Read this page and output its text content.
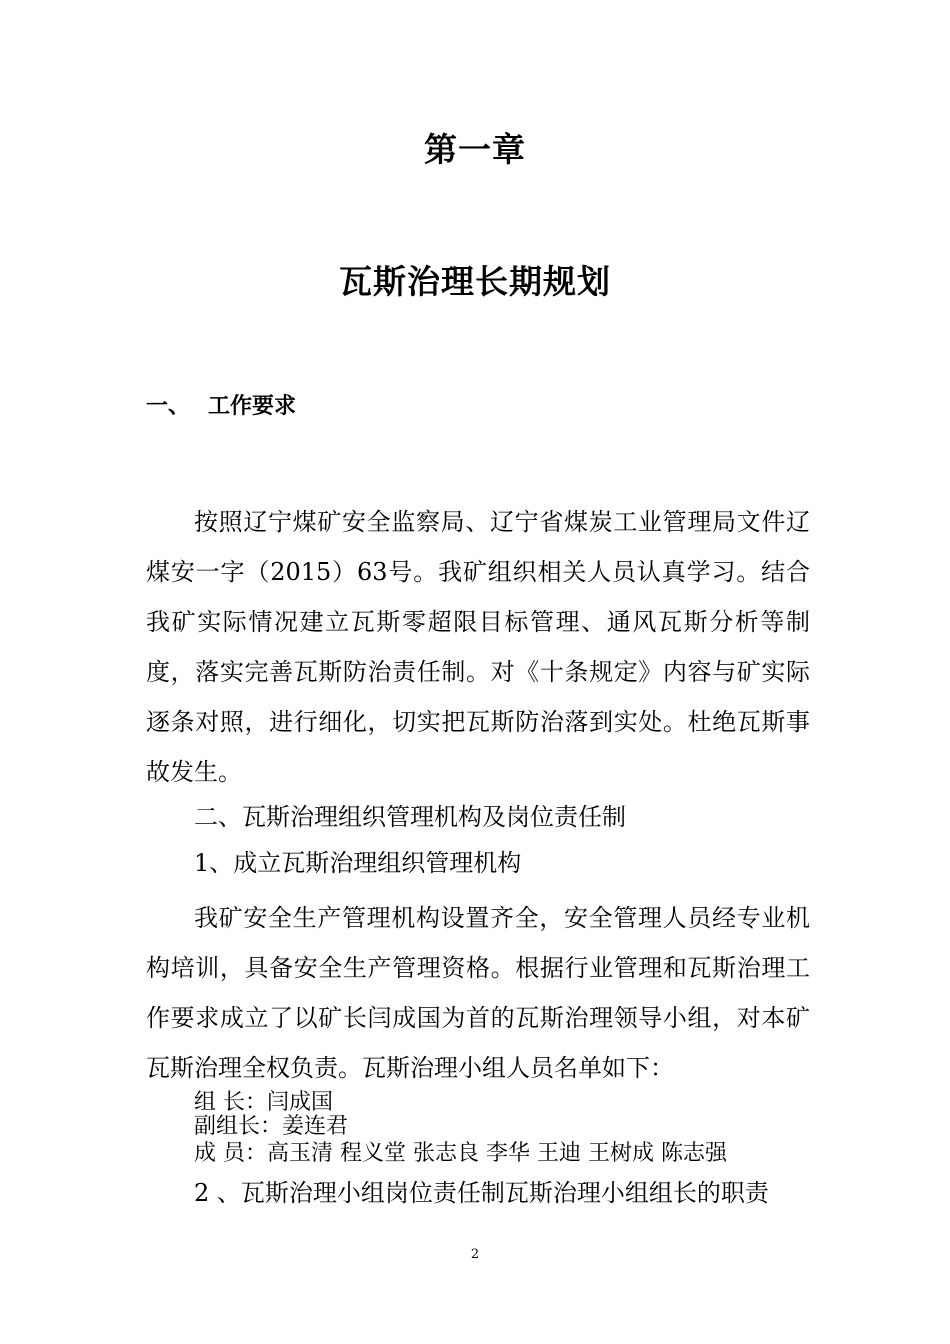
第一章
瓦斯治理长期规划
一、 工作要求

按照辽宁煤矿安全监察局、辽宁省煤炭工业管理局文件辽煤安一字（2015）63号。我矿组织相关人员认真学习。结合我矿实际情况建立瓦斯零超限目标管理、通风瓦斯分析等制度，落实完善瓦斯防治责任制。对《十条规定》内容与矿实际逐条对照，进行细化，切实把瓦斯防治落到实处。杜绝瓦斯事故发生。

二、瓦斯治理组织管理机构及岗位责任制

1、成立瓦斯治理组织管理机构

我矿安全生产管理机构设置齐全，安全管理人员经专业机构培训，具备安全生产管理资格。根据行业管理和瓦斯治理工作要求成立了以矿长闫成国为首的瓦斯治理领导小组，对本矿瓦斯治理全权负责。瓦斯治理小组人员名单如下：

组 长：闫成国

副组长：姜连君

成 员：高玉清 程义堂 张志良 李华 王迪 王树成 陈志强

2 、瓦斯治理小组岗位责任制瓦斯治理小组组长的职责

2
